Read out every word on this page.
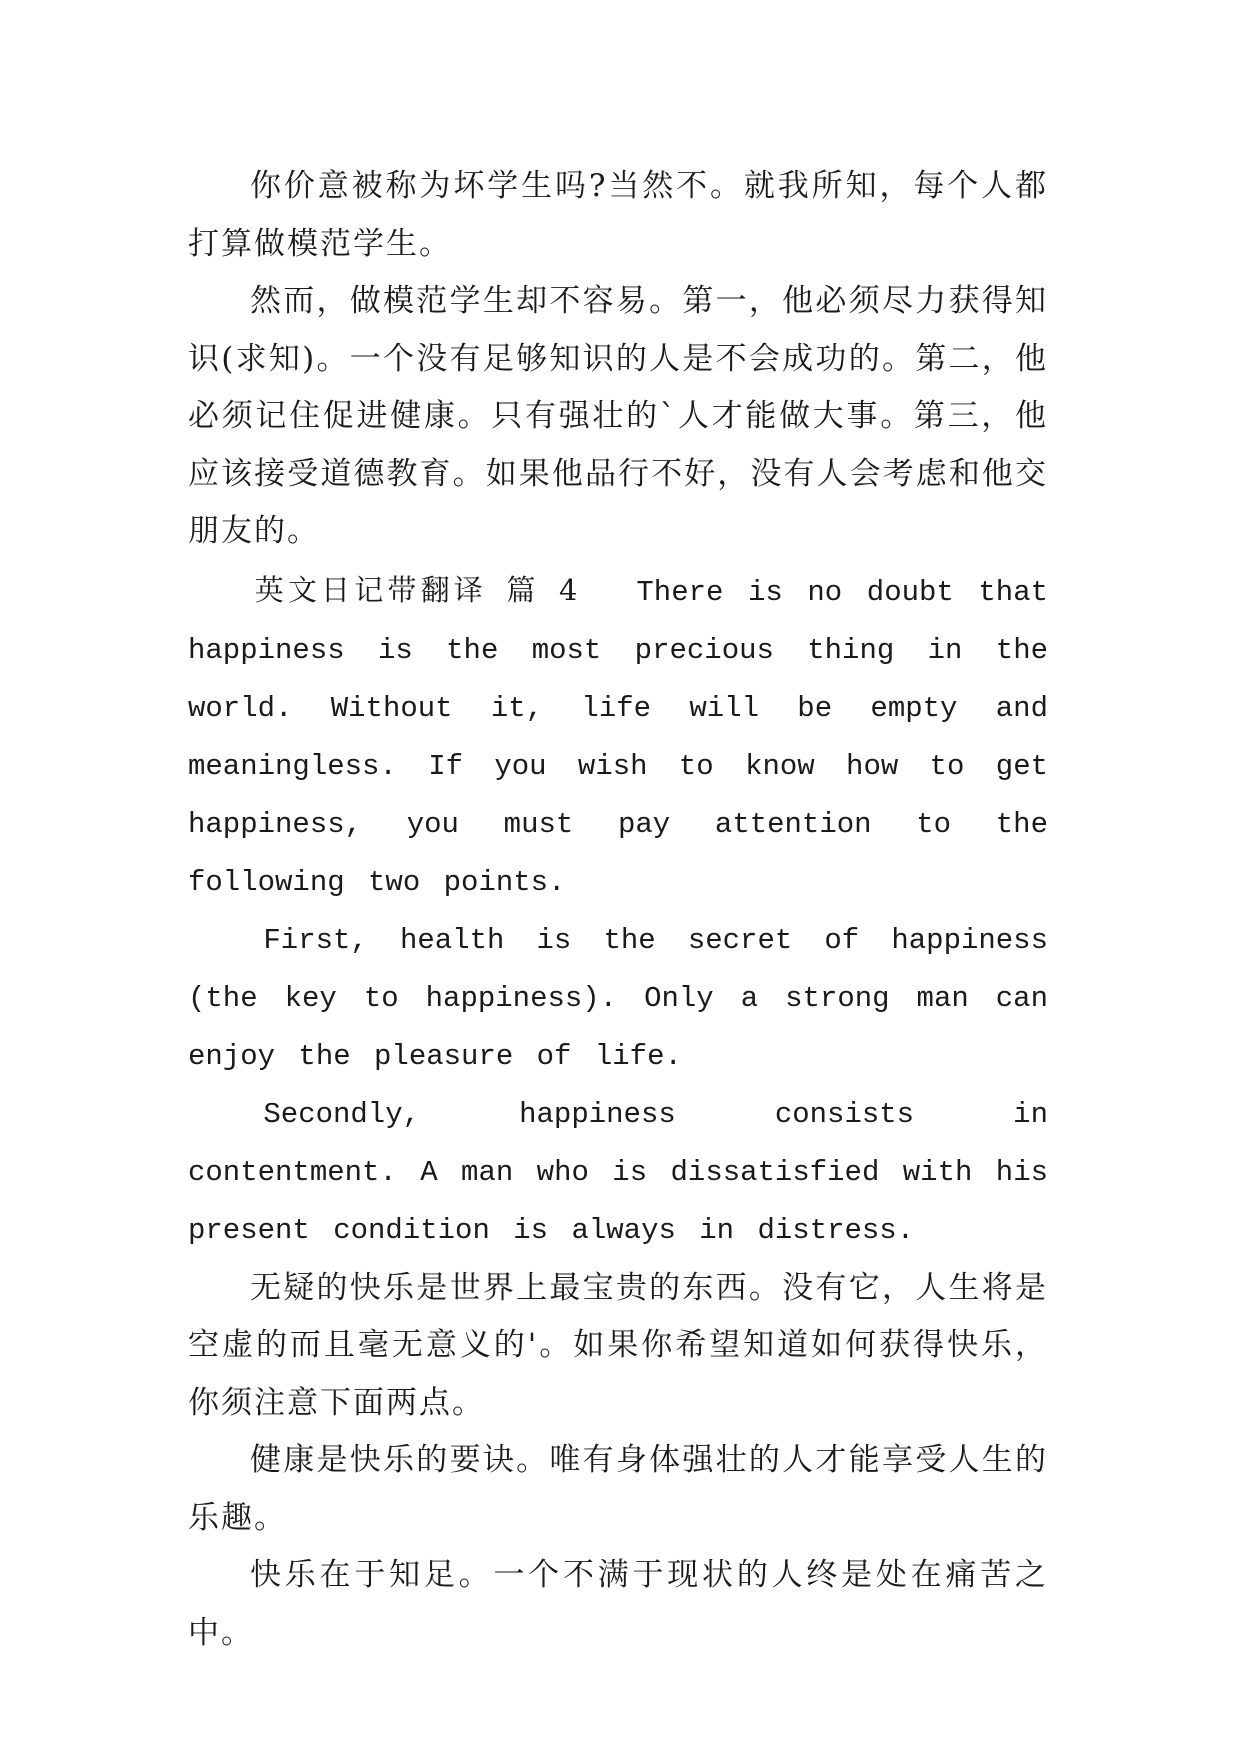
你价意被称为坏学生吗?当然不。就我所知，每个人都打算做模范学生。

然而，做模范学生却不容易。第一，他必须尽力获得知识(求知)。一个没有足够知识的人是不会成功的。第二，他必须记住促进健康。只有强壮的`人才能做大事。第三，他应该接受道德教育。如果他品行不好，没有人会考虑和他交朋友的。

英文日记带翻译 篇 4 There is no doubt that happiness is the most precious thing in the world. Without it, life will be empty and meaningless. If you wish to know how to get happiness, you must pay attention to the following two points.

First, health is the secret of happiness (the key to happiness). Only a strong man can enjoy the pleasure of life.

Secondly, happiness consists in contentment. A man who is dissatisfied with his present condition is always in distress.

无疑的快乐是世界上最宝贵的东西。没有它，人生将是空虚的而且毫无意义的'。如果你希望知道如何获得快乐，你须注意下面两点。

健康是快乐的要诀。唯有身体强壮的人才能享受人生的乐趣。

快乐在于知足。一个不满于现状的人终是处在痛苦之中。
